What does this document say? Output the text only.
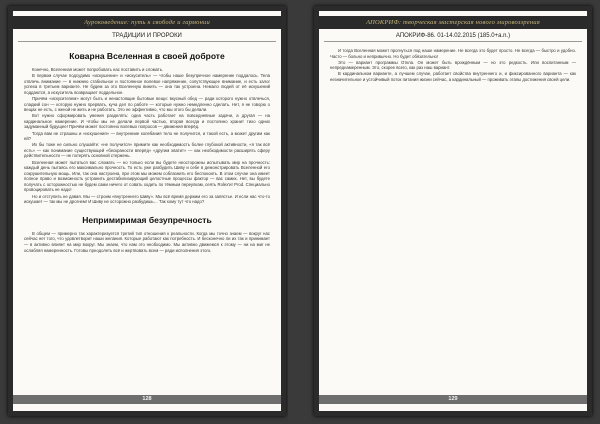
Ауроковедение: путь к свободе и гармонии
ТРАДИЦИИ И ПРОРОКИ
Коварна Вселенная в своей доброте

Конечно, Вселенная может попробовать нас поставить и сломать.

В первом случае подсудимо «искушение» и «искуситель» — чтобы наше безупречное намерение поддалось. Тела отвлечь внимание — в нижнею стабильное и постоянное волевое напряжение, сопутствующее внимание, и есть залог успеха в третьем варианте. Не будем за это Вселенную винить — она так устроена. Немало людей от её искушений поддаются, а искуситель возвращает поддельное.

Причём «искусителем» могут быть и ненастоящие бытовые вещи: вкусный обед — ради которого нужно отвлечься, сладкий сон — которую нужно прервать, куча дел по работе — которые нужно немедленно сделать. Нет, я не говорю о вещах не есть, с женой не жить и не работать. Это не эффективно, что мы этого бы делали.

Вот нужно сформировать умения разделять: одна часть работает на повседневные задачи, а другая — на кардинальное намерение. И чтобы мы не делали первой частью, вторая всегда и постоянно хранит тихо одних задуманный будущее! Причём может постоянно волевых попросов — движения вперёд.

Тогда вам не страшны и «искушения» — внутренние колебания тело не получится, и такой есть, а может другим как ей?

Их бы тоже не сильно слушайте: «не получится» примите как необходимость более глубокой активности, «я так всё есть» — как понимание существующей «бескраности вперёд» «другим хватит» — как необходимости расширять сферу действительности — не потерять основной стержень.

Вселенная может пытаться вас сломать — но только если вы будете неосторожны испытывать мир на прочность: каждый день пытаясь его максимально прочность. То есть уже разбудить Шиву и себе в демонстрировать Вселенной его сокрушительную мощь. Или, так она настроена, при этом мы можем соблазнить его беспокоить. В этом случае она имеет полное право и возможность устранить дестабилизирующий целостные процессы фактор — вас самих. Нет, вы будете получать с осторожностью не будем сами ничего от совать ходить по тёмным переулкам, сеять Rolex'и! Ргоd. Специально провоцировать не надо!

Но и отступить не давая. Мы — строим «внутреннего Шиву». Мы всё время держим его за запястье. И если нас что-то искушает — так мы не дрогнем! И Шиву не осторожно разбудишь… Так кому тут что надо?

Непримиримая безупречность

В общем — примерно так характеризуется третий тип отношения к реальности. Когда мы точно знаем — вокруг нас сейчас нет того, что удовлетворит наши желания. Которые работают как потребность. И бесконечно ли их так и принимает — в активно влияет на мир вокруг. Мы знаем, что нам это необходимо. Мы активно движемся к этому — ни на миг не ослабляя намеренность. Готовы преодолеть всё и жертвовать всем — ради исполнения этого.

128
АПОКРИФ: творческая мастерская нового мировоззрения
АПОКРИФ-86. 01-14.02.2015 (185.0+a.n.)

И тогда Вселенная может прогнуться под наше намерение. Не всегда это будет просто. Не всегда — быстро и удобно. Часто — больно и непривычно. Но будет обязательно!

Это — вариант программы Откла. Он может быть врождённым — но это редкость. Или воспитанным — непреднамеренным. Это, скорее всего, как раз наш вариант.

В кардинальном варианте, а лучшем случае, работает свойства внутреннего и, и фиксированного варианта — как незначительное и устойчивый поток питания жизни сейчас, а кардинальный — проживать этапы достижения своей цели.

129
